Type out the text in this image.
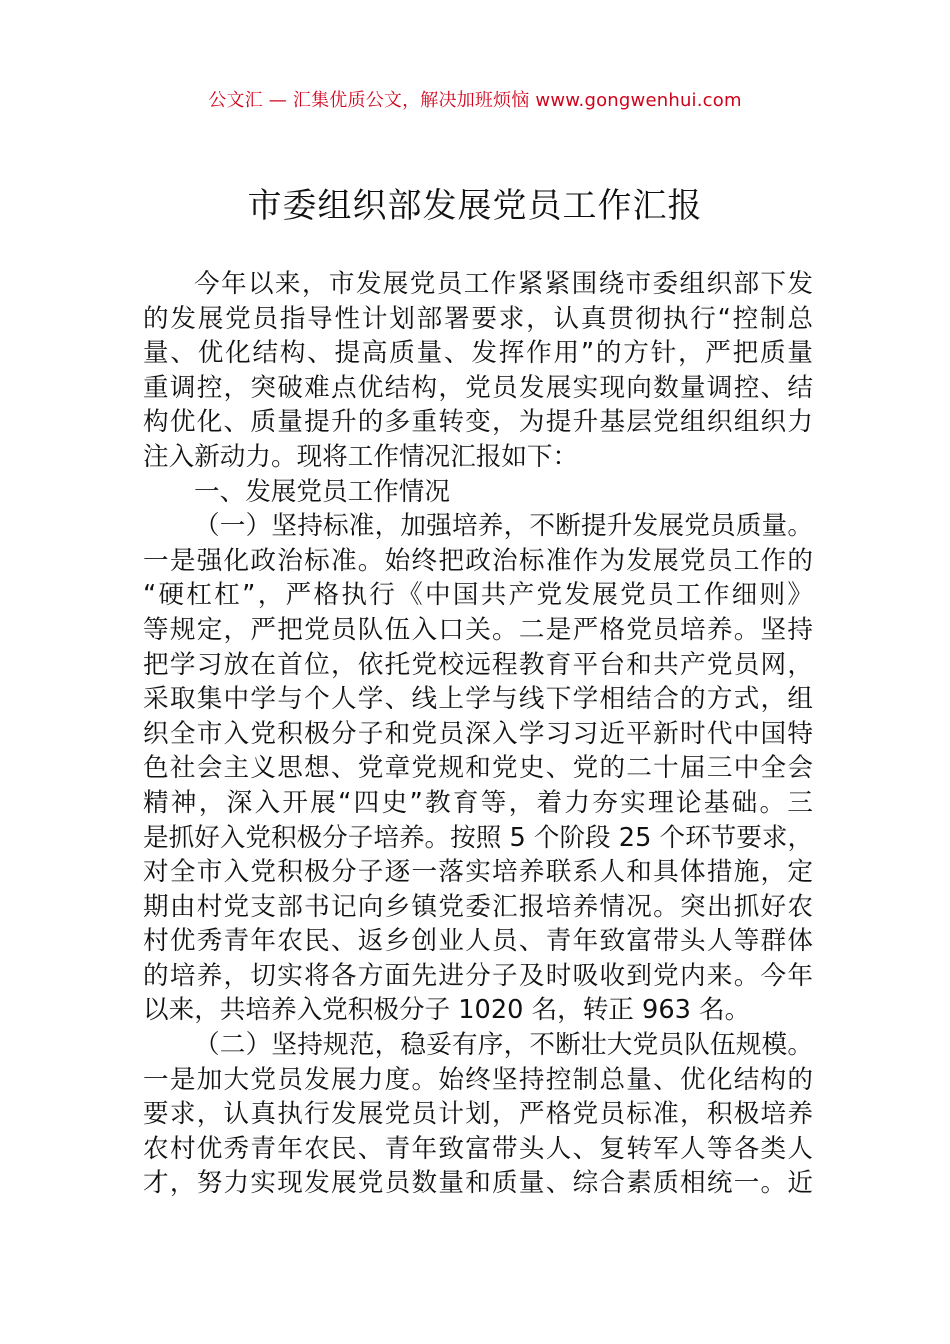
公文汇 — 汇集优质公文，解决加班烦恼 www.gongwenhui.com
市委组织部发展党员工作汇报
今年以来，市发展党员工作紧紧围绕市委组织部下发
的发展党员指导性计划部署要求，认真贯彻执行“控制总
量、优化结构、提高质量、发挥作用”的方针，严把质量
重调控，突破难点优结构，党员发展实现向数量调控、结
构优化、质量提升的多重转变，为提升基层党组织组织力
注入新动力。现将工作情况汇报如下：
一、发展党员工作情况
（一）坚持标准，加强培养，不断提升发展党员质量。
一是强化政治标准。始终把政治标准作为发展党员工作的
“硬杠杠”，严格执行《中国共产党发展党员工作细则》
等规定，严把党员队伍入口关。二是严格党员培养。坚持
把学习放在首位，依托党校远程教育平台和共产党员网，
采取集中学与个人学、线上学与线下学相结合的方式，组
织全市入党积极分子和党员深入学习习近平新时代中国特
色社会主义思想、党章党规和党史、党的二十届三中全会
精神，深入开展“四史”教育等，着力夯实理论基础。三
是抓好入党积极分子培养。按照 5 个阶段 25 个环节要求，
对全市入党积极分子逐一落实培养联系人和具体措施，定
期由村党支部书记向乡镇党委汇报培养情况。突出抓好农
村优秀青年农民、返乡创业人员、青年致富带头人等群体
的培养，切实将各方面先进分子及时吸收到党内来。今年
以来，共培养入党积极分子 1020 名，转正 963 名。
（二）坚持规范，稳妥有序，不断壮大党员队伍规模。
一是加大党员发展力度。始终坚持控制总量、优化结构的
要求，认真执行发展党员计划，严格党员标准，积极培养
农村优秀青年农民、青年致富带头人、复转军人等各类人
才，努力实现发展党员数量和质量、综合素质相统一。近
